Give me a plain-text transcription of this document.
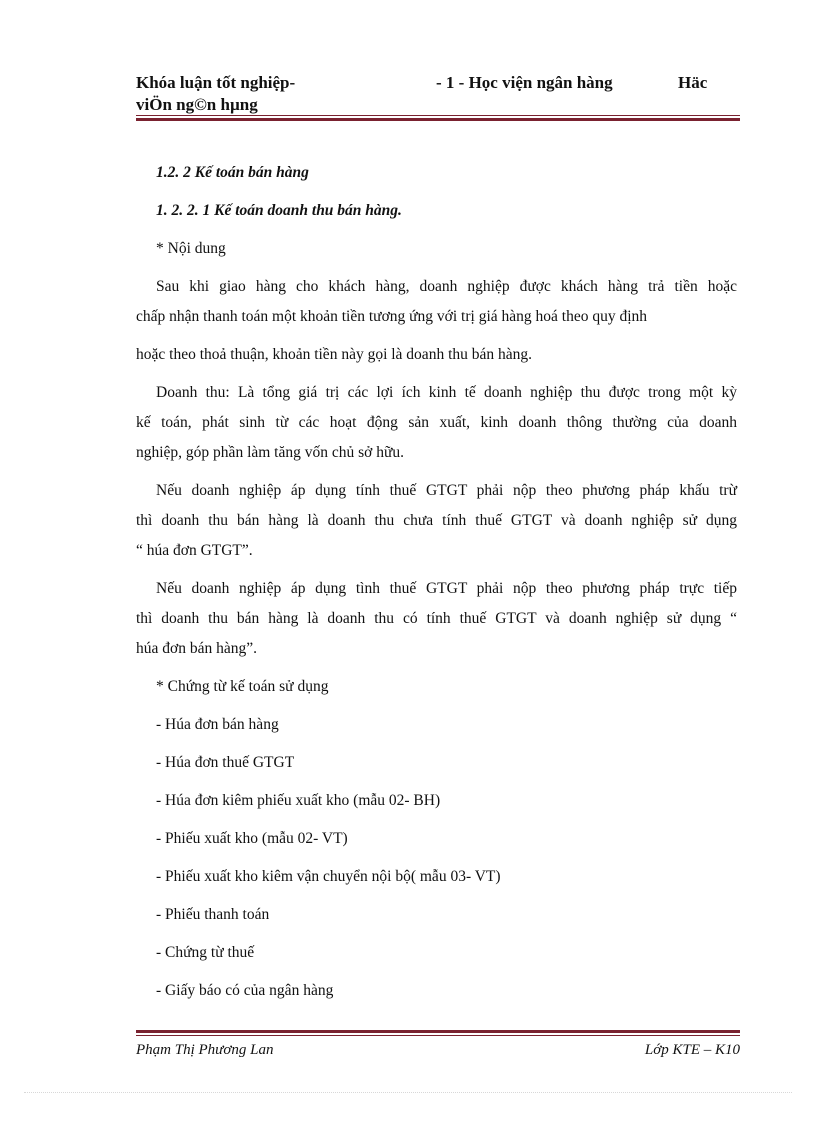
Khóa luận tốt nghiệp-
viÖn ng©n hµng
- 1 - Học viện ngân hàng	Häc
1.2. 2 Kế toán bán hàng
1. 2. 2. 1 Kế toán doanh thu bán hàng.
* Nội dung
Sau khi giao hàng cho khách hàng, doanh nghiệp được khách hàng trả tiền hoặc
chấp nhận thanh toán một khoản tiền tương ứng với trị giá hàng hoá theo quy định
hoặc theo thoả thuận, khoản tiền này gọi là doanh thu bán hàng.
Doanh thu: Là tổng giá trị các lợi ích kinh tế doanh nghiệp thu được trong một kỳ
kế toán, phát sinh từ các hoạt động sản xuất, kinh doanh thông thường của doanh
nghiệp, góp phần làm tăng vốn chủ sở hữu.
Nếu doanh nghiệp áp dụng tính thuế GTGT phải nộp theo phương pháp khấu trừ
thì doanh thu bán hàng là doanh thu chưa tính thuế GTGT và doanh nghiệp sử dụng
“ húa đơn GTGT”.
Nếu doanh nghiệp áp dụng tình thuế GTGT phải nộp theo phương pháp trực tiếp
thì doanh thu bán hàng là doanh thu có tính thuế GTGT và doanh nghiệp sử dụng “
húa đơn bán hàng”.
* Chứng từ kế toán sử dụng
- Húa đơn bán hàng
- Húa đơn thuế GTGT
- Húa đơn kiêm phiếu xuất kho (mẫu 02- BH)
- Phiếu xuất kho (mẫu 02- VT)
- Phiếu xuất kho kiêm vận chuyển nội bộ( mẫu 03- VT)
- Phiếu thanh toán
- Chứng từ thuế
- Giấy báo có của ngân hàng
Phạm Thị Phương Lan	Lớp KTE – K10
